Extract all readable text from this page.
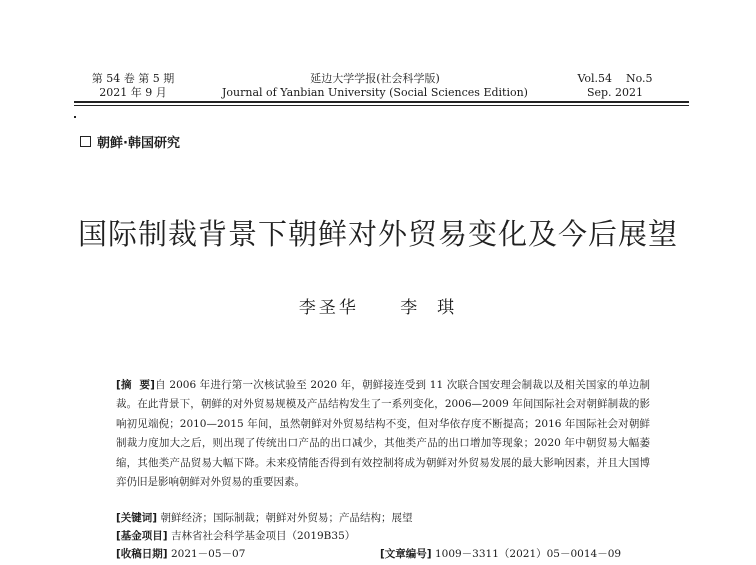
第 54 卷 第 5 期
2021 年 9 月
延边大学学报(社会科学版)
Journal of Yanbian University (Social Sciences Edition)
Vol.54    No.5
Sep. 2021
朝鲜·韩国研究
国际制裁背景下朝鲜对外贸易变化及今后展望
李圣华 李  琪
[摘  要]自 2006 年进行第一次核试验至 2020 年，朝鲜接连受到 11 次联合国安理会制裁以及相关国家的单边制裁。在此背景下，朝鲜的对外贸易规模及产品结构发生了一系列变化，2006—2009 年间国际社会对朝鲜制裁的影响初见端倪；2010—2015 年间，虽然朝鲜对外贸易结构不变，但对华依存度不断提高；2016 年国际社会对朝鲜制裁力度加大之后，则出现了传统出口产品的出口减少，其他类产品的出口增加等现象；2020 年中朝贸易大幅萎缩，其他类产品贸易大幅下降。未来疫情能否得到有效控制将成为朝鲜对外贸易发展的最大影响因素，并且大国博弈仍旧是影响朝鲜对外贸易的重要因素。
[关键词] 朝鲜经济；国际制裁；朝鲜对外贸易；产品结构；展望
[基金项目] 吉林省社会科学基金项目（2019B35）
[收稿日期] 2021－05－07	[文章编号] 1009－3311（2021）05－0014－09
